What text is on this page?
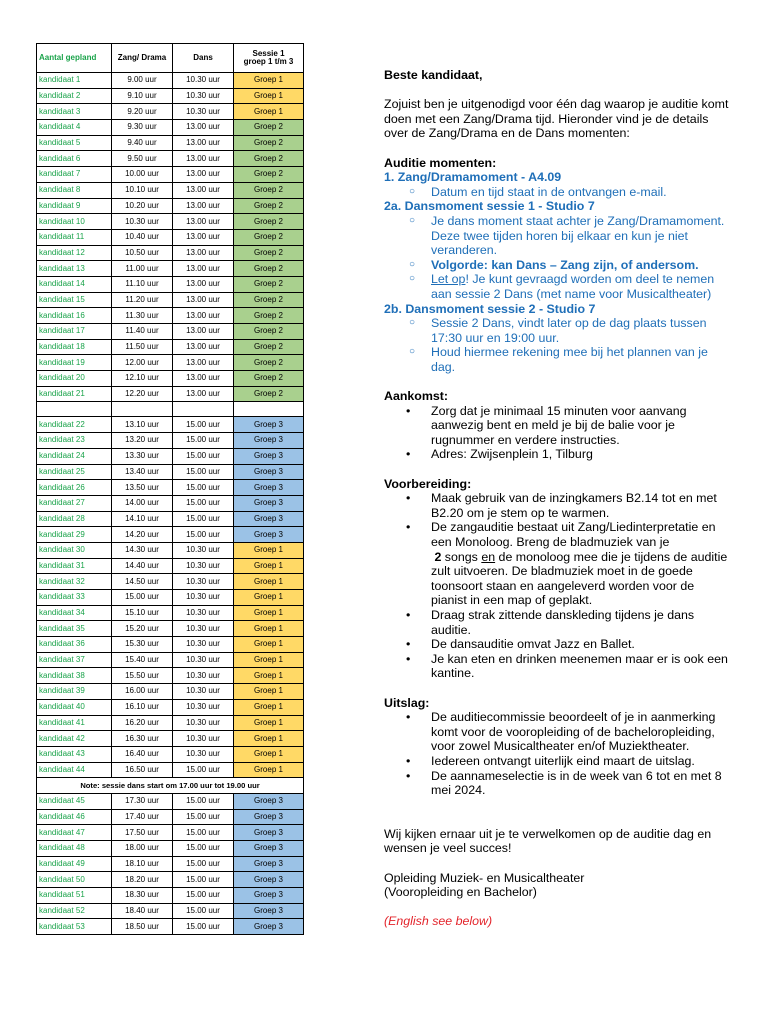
Aantal gepland	Zang/ Drama	Dans	Sessie 1
groep 1 t/m 3
kandidaat 1	9.00 uur	10.30 uur	Groep 1
kandidaat 2	9.10 uur	10.30 uur	Groep 1
kandidaat 3	9.20 uur	10.30 uur	Groep 1
kandidaat 4	9.30 uur	13.00 uur	Groep 2
kandidaat 5	9.40 uur	13.00 uur	Groep 2
kandidaat 6	9.50 uur	13.00 uur	Groep 2
kandidaat 7	10.00 uur	13.00 uur	Groep 2
kandidaat 8	10.10 uur	13.00 uur	Groep 2
kandidaat 9	10.20 uur	13.00 uur	Groep 2
kandidaat 10	10.30 uur	13.00 uur	Groep 2
kandidaat 11	10.40 uur	13.00 uur	Groep 2
kandidaat 12	10.50 uur	13.00 uur	Groep 2
kandidaat 13	11.00 uur	13.00 uur	Groep 2
kandidaat 14	11.10 uur	13.00 uur	Groep 2
kandidaat 15	11.20 uur	13.00 uur	Groep 2
kandidaat 16	11.30 uur	13.00 uur	Groep 2
kandidaat 17	11.40 uur	13.00 uur	Groep 2
kandidaat 18	11.50 uur	13.00 uur	Groep 2
kandidaat 19	12.00 uur	13.00 uur	Groep 2
kandidaat 20	12.10 uur	13.00 uur	Groep 2
kandidaat 21	12.20 uur	13.00 uur	Groep 2

kandidaat 22	13.10 uur	15.00 uur	Groep 3
kandidaat 23	13.20 uur	15.00 uur	Groep 3
kandidaat 24	13.30 uur	15.00 uur	Groep 3
kandidaat 25	13.40 uur	15.00 uur	Groep 3
kandidaat 26	13.50 uur	15.00 uur	Groep 3
kandidaat 27	14.00 uur	15.00 uur	Groep 3
kandidaat 28	14.10 uur	15.00 uur	Groep 3
kandidaat 29	14.20 uur	15.00 uur	Groep 3
kandidaat 30	14.30 uur	10.30 uur	Groep 1
kandidaat 31	14.40 uur	10.30 uur	Groep 1
kandidaat 32	14.50 uur	10.30 uur	Groep 1
kandidaat 33	15.00 uur	10.30 uur	Groep 1
kandidaat 34	15.10 uur	10.30 uur	Groep 1
kandidaat 35	15.20 uur	10.30 uur	Groep 1
kandidaat 36	15.30 uur	10.30 uur	Groep 1
kandidaat 37	15.40 uur	10.30 uur	Groep 1
kandidaat 38	15.50 uur	10.30 uur	Groep 1
kandidaat 39	16.00 uur	10.30 uur	Groep 1
kandidaat 40	16.10 uur	10.30 uur	Groep 1
kandidaat 41	16.20 uur	10.30 uur	Groep 1
kandidaat 42	16.30 uur	10.30 uur	Groep 1
kandidaat 43	16.40 uur	10.30 uur	Groep 1
kandidaat 44	16.50 uur	15.00 uur	Groep 1
Note: sessie dans start om 17.00 uur tot 19.00 uur			
kandidaat 45	17.30 uur	15.00 uur	Groep 3
kandidaat 46	17.40 uur	15.00 uur	Groep 3
kandidaat 47	17.50 uur	15.00 uur	Groep 3
kandidaat 48	18.00 uur	15.00 uur	Groep 3
kandidaat 49	18.10 uur	15.00 uur	Groep 3
kandidaat 50	18.20 uur	15.00 uur	Groep 3
kandidaat 51	18.30 uur	15.00 uur	Groep 3
kandidaat 52	18.40 uur	15.00 uur	Groep 3
kandidaat 53	18.50 uur	15.00 uur	Groep 3

Beste kandidaat,

Zojuist ben je uitgenodigd voor één dag waarop je auditie komt doen met een Zang/Drama tijd. Hieronder vind je de details over de Zang/Drama en de Dans momenten:

Auditie momenten:

1. Zang/Dramamoment - A4.09

○ Datum en tijd staat in de ontvangen e-mail.

2a. Dansmoment sessie 1 - Studio 7

○ Je dans moment staat achter je Zang/Dramamoment. Deze twee tijden horen bij elkaar en kun je niet veranderen.

○ Volgorde: kan Dans – Zang zijn, of andersom.

○ Let op! Je kunt gevraagd worden om deel te nemen aan sessie 2 Dans (met name voor Musicaltheater)

2b. Dansmoment sessie 2 - Studio 7

○ Sessie 2 Dans, vindt later op de dag plaats tussen 17:30 uur en 19:00 uur.

○ Houd hiermee rekening mee bij het plannen van je dag.

Aankomst:

• Zorg dat je minimaal 15 minuten voor aanvang aanwezig bent en meld je bij de balie voor je rugnummer en verdere instructies.

• Adres: Zwijsenplein 1, Tilburg

Voorbereiding:

• Maak gebruik van de inzingkamers B2.14 tot en met B2.20 om je stem op te warmen.

• De zangauditie bestaat uit Zang/Liedinterpretatie en een Monoloog. Breng de bladmuziek van je
2 songs en de monoloog mee die je tijdens de auditie zult uitvoeren. De bladmuziek moet in de goede toonsoort staan en aangeleverd worden voor de pianist in een map of geplakt.

• Draag strak zittende danskleding tijdens je dans auditie.

• De dansauditie omvat Jazz en Ballet.

• Je kan eten en drinken meenemen maar er is ook een kantine.

Uitslag:

• De auditiecommissie beoordeelt of je in aanmerking komt voor de vooropleiding of de bacheloropleiding, voor zowel Musicaltheater en/of Muziektheater.

• Iedereen ontvangt uiterlijk eind maart de uitslag.

• De aannameselectie is in de week van 6 tot en met 8 mei 2024.

Wij kijken ernaar uit je te verwelkomen op de auditie dag en wensen je veel succes!

Opleiding Muziek- en Musicaltheater

(Vooropleiding en Bachelor)

(English see below)
